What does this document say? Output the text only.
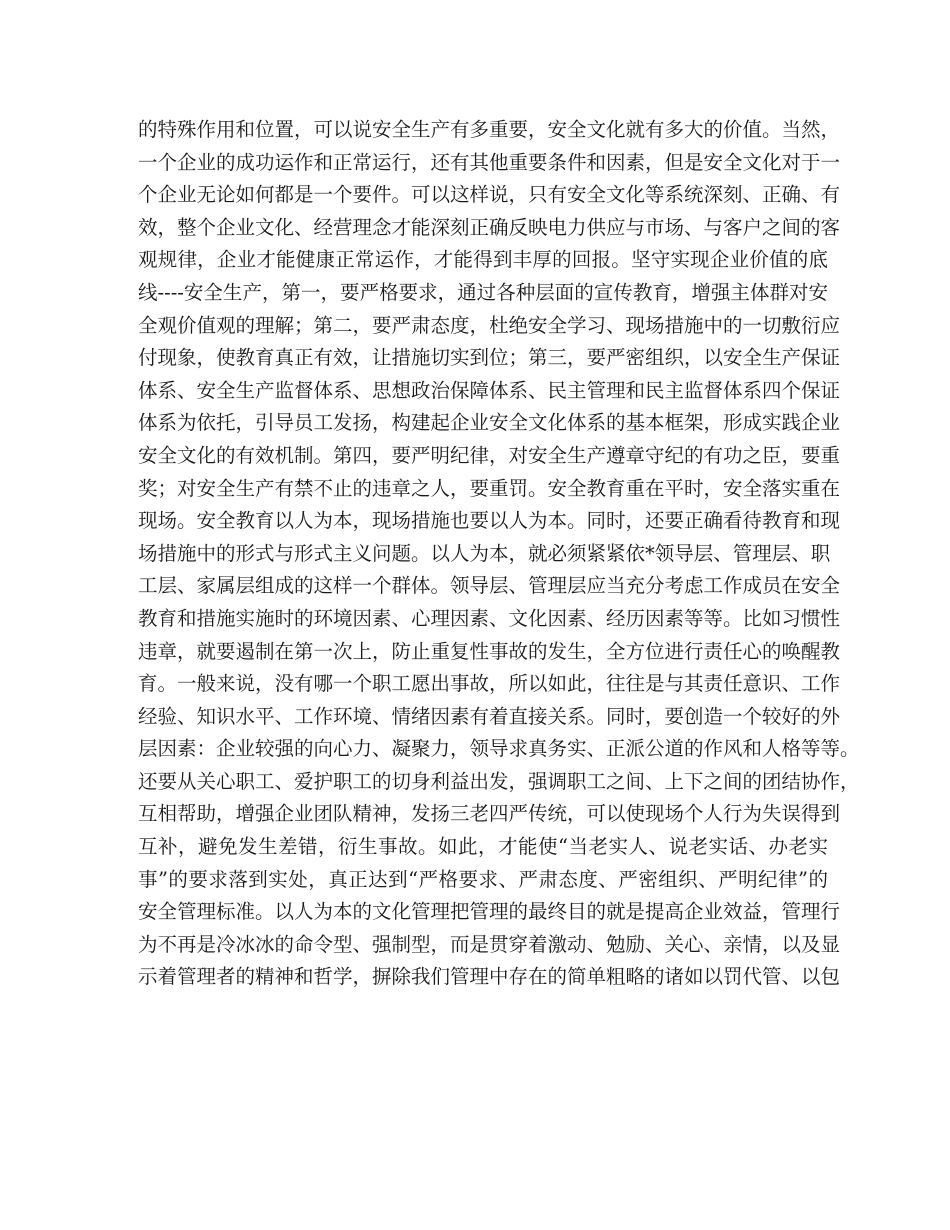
的特殊作用和位置，可以说安全生产有多重要，安全文化就有多大的价值。当然，
一个企业的成功运作和正常运行，还有其他重要条件和因素，但是安全文化对于一
个企业无论如何都是一个要件。可以这样说，只有安全文化等系统深刻、正确、有
效，整个企业文化、经营理念才能深刻正确反映电力供应与市场、与客户之间的客
观规律，企业才能健康正常运作，才能得到丰厚的回报。坚守实现企业价值的底
线----安全生产，第一，要严格要求，通过各种层面的宣传教育，增强主体群对安
全观价值观的理解；第二，要严肃态度，杜绝安全学习、现场措施中的一切敷衍应
付现象，使教育真正有效，让措施切实到位；第三，要严密组织，以安全生产保证
体系、安全生产监督体系、思想政治保障体系、民主管理和民主监督体系四个保证
体系为依托，引导员工发扬，构建起企业安全文化体系的基本框架，形成实践企业
安全文化的有效机制。第四，要严明纪律，对安全生产遵章守纪的有功之臣，要重
奖；对安全生产有禁不止的违章之人，要重罚。安全教育重在平时，安全落实重在
现场。安全教育以人为本，现场措施也要以人为本。同时，还要正确看待教育和现
场措施中的形式与形式主义问题。以人为本，就必须紧紧依*领导层、管理层、职
工层、家属层组成的这样一个群体。领导层、管理层应当充分考虑工作成员在安全
教育和措施实施时的环境因素、心理因素、文化因素、经历因素等等。比如习惯性
违章，就要遏制在第一次上，防止重复性事故的发生，全方位进行责任心的唤醒教
育。一般来说，没有哪一个职工愿出事故，所以如此，往往是与其责任意识、工作
经验、知识水平、工作环境、情绪因素有着直接关系。同时，要创造一个较好的外
层因素：企业较强的向心力、凝聚力，领导求真务实、正派公道的作风和人格等等。
还要从关心职工、爱护职工的切身利益出发，强调职工之间、上下之间的团结协作，
互相帮助，增强企业团队精神，发扬三老四严传统，可以使现场个人行为失误得到
互补，避免发生差错，衍生事故。如此，才能使“当老实人、说老实话、办老实
事”的要求落到实处，真正达到“严格要求、严肃态度、严密组织、严明纪律”的
安全管理标准。以人为本的文化管理把管理的最终目的就是提高企业效益，管理行
为不再是冷冰冰的命令型、强制型，而是贯穿着激动、勉励、关心、亲情，以及显
示着管理者的精神和哲学，摒除我们管理中存在的简单粗略的诸如以罚代管、以包
